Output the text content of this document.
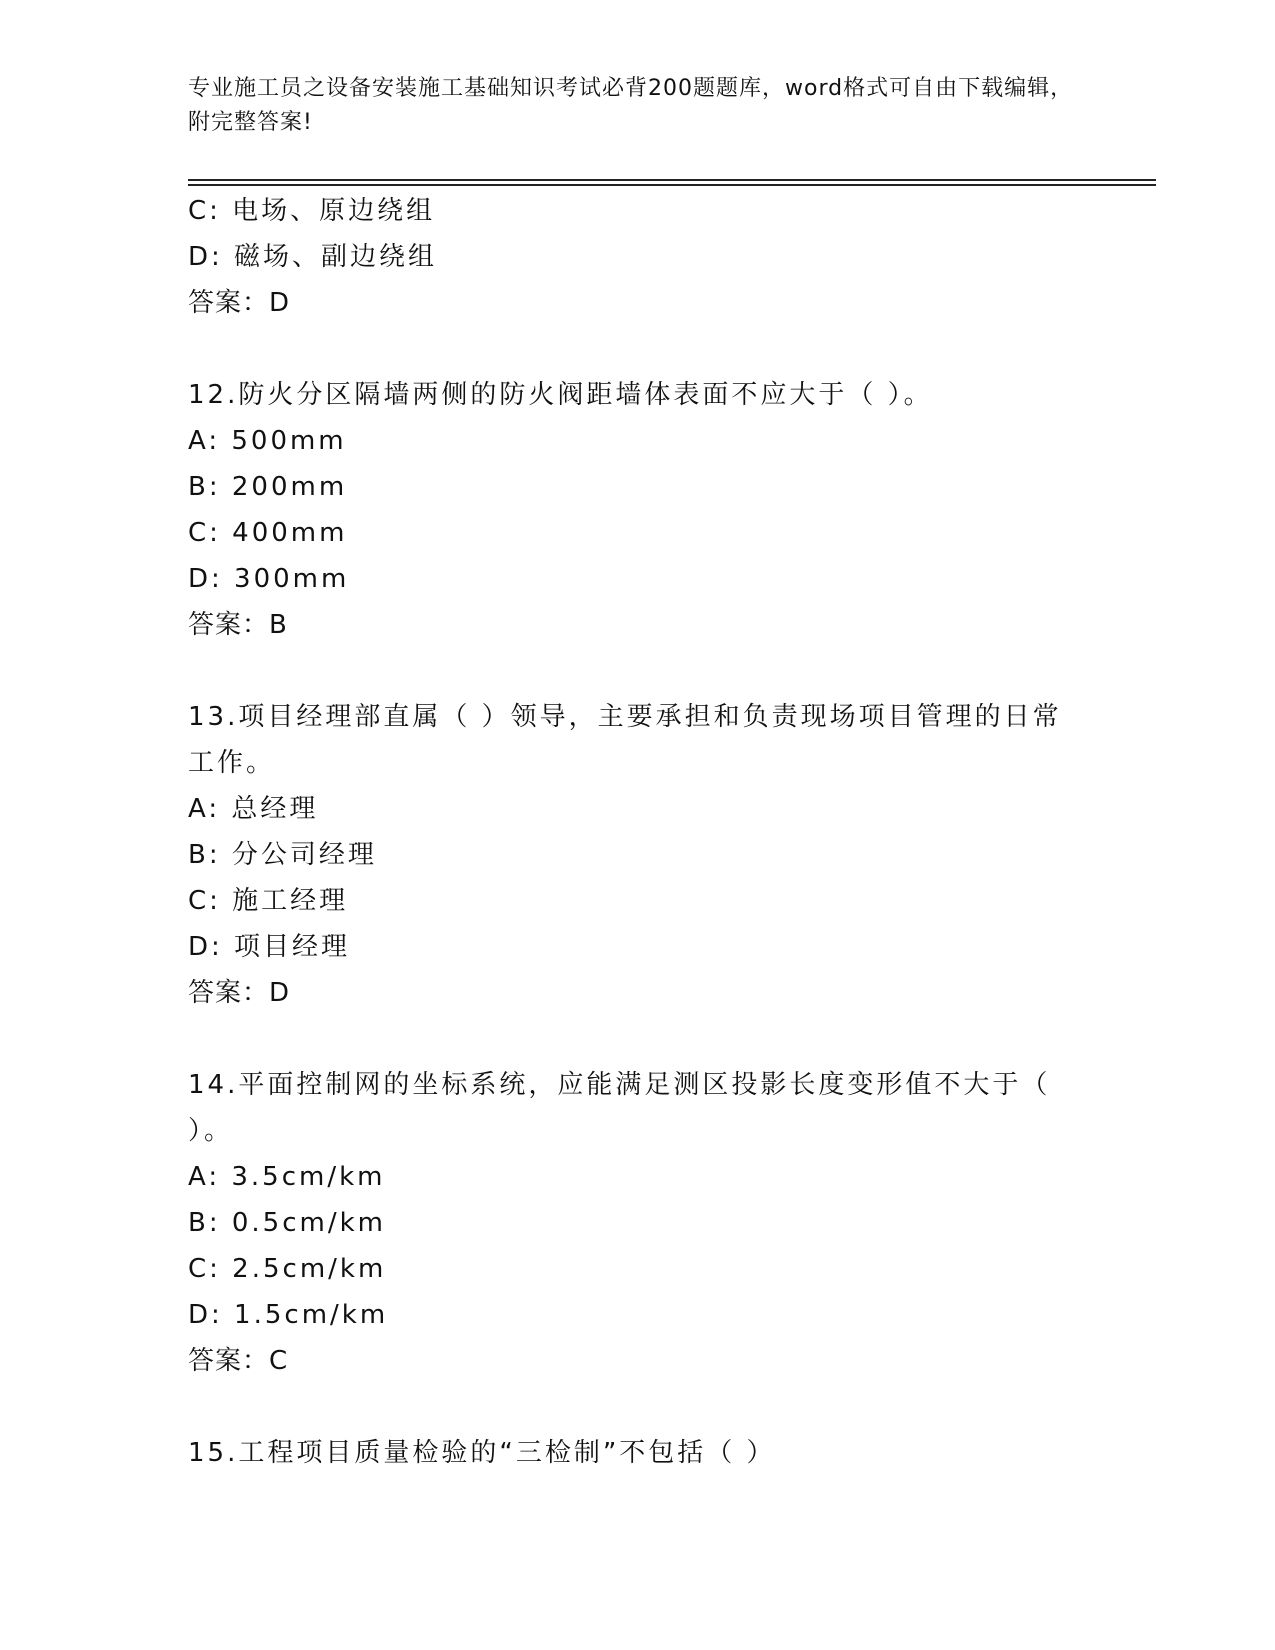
专业施工员之设备安装施工基础知识考试必背200题题库，word格式可自由下载编辑，附完整答案!
C: 电场、原边绕组
D: 磁场、副边绕组
答案：D
12.防火分区隔墙两侧的防火阀距墙体表面不应大于（ ）。
A: 500mm
B: 200mm
C: 400mm
D: 300mm
答案：B
13.项目经理部直属（ ）领导，主要承担和负责现场项目管理的日常工作。
A: 总经理
B: 分公司经理
C: 施工经理
D: 项目经理
答案：D
14.平面控制网的坐标系统，应能满足测区投影长度变形值不大于（ ）。
A: 3.5cm/km
B: 0.5cm/km
C: 2.5cm/km
D: 1.5cm/km
答案：C
15.工程项目质量检验的“三检制”不包括（ ）
